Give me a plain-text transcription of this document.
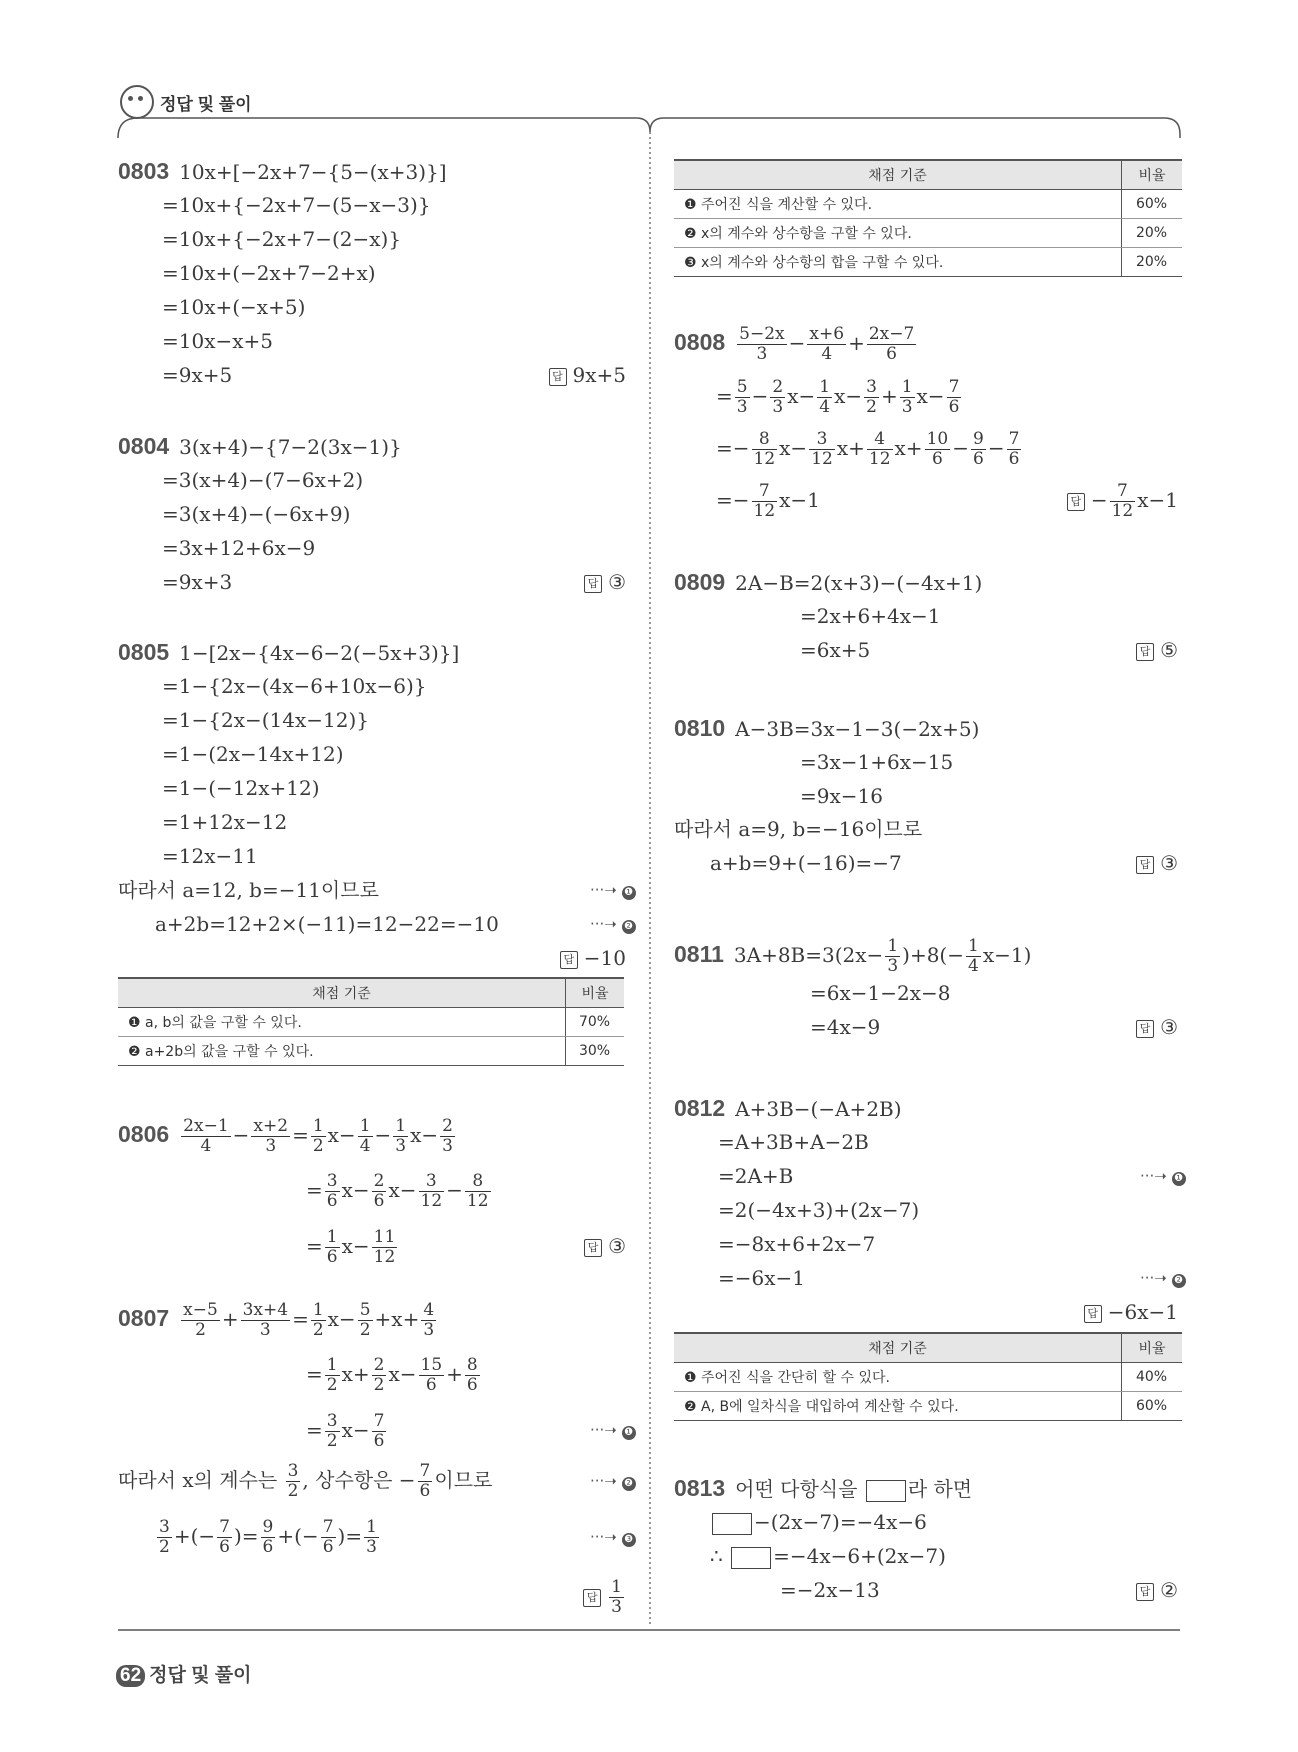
정답 및 풀이
0803 10x+[−2x+7−{5−(x+3)}]
=10x+{−2x+7−(5−x−3)}
=10x+{−2x+7−(2−x)}
=10x+(−2x+7−2+x)
=10x+(−x+5)
=10x−x+5
=9x+5	답 9x+5
0804 3(x+4)−{7−2(3x−1)}
=3(x+4)−(7−6x+2)
=3(x+4)−(−6x+9)
=3x+12+6x−9
=9x+3	답 ③
0805 1−[2x−{4x−6−2(−5x+3)}]
=1−{2x−(4x−6+10x−6)}
=1−{2x−(14x−12)}
=1−(2x−14x+12)
=1−(−12x+12)
=1+12x−12
=12x−11
따라서 a=12, b=−11이므로	···➝ ❶
a+2b=12+2×(−11)=12−22=−10	···➝ ❷
답 −10
채점 기준	비율
❶ a, b의 값을 구할 수 있다.	70%
❷ a+2b의 값을 구할 수 있다.	30%
$0806 \frac{2x-1}{4} - \frac{x+2}{3} = \frac{1}{2} x- \frac{1}{4} - \frac{1}{3} x- \frac{2}{3}$
= $\frac{3}{6} x- \frac{2}{6} x- \frac{3}{12} - \frac{8}{12}$
= $\frac{1}{6} x- \frac{11}{12}$	답 ③
$0807 \frac{x-5}{2} + \frac{3x+4}{3} = \frac{1}{2} x- \frac{5}{2} +x+ \frac{4}{3}$
= $\frac{1}{2} x+ \frac{2}{2} x- \frac{15}{6} + \frac{8}{6}$
= $\frac{3}{2} x- \frac{7}{6}$	···➝ ❶
따라서 x의 계수는 $\frac{3}{2}$ , 상수항은 − $\frac{7}{6}$ 이므로	···➝ ❷
$\frac{3}{2}$ +(− $\frac{7}{6}$ )= $\frac{9}{6}$ +(− $\frac{7}{6}$ )= $\frac{1}{3}$	···➝ ❸
답 $\frac{1}{3}$
채점 기준	비율
❶ 주어진 식을 계산할 수 있다.	60%
❷ x의 계수와 상수항을 구할 수 있다.	20%
❸ x의 계수와 상수항의 합을 구할 수 있다.	20%
$0808 \frac{5-2x}{3} - \frac{x+6}{4} + \frac{2x-7}{6}$
= $\frac{5}{3} - \frac{2}{3} x- \frac{1}{4} x- \frac{3}{2} + \frac{1}{3} x- \frac{7}{6}$
=− $\frac{8}{12} x- \frac{3}{12} x+ \frac{4}{12} x+ \frac{10}{6} - \frac{9}{6} - \frac{7}{6}$
=− $\frac{7}{12} x-1$	답 − $\frac{7}{12} x-1$
0809 2A−B=2(x+3)−(−4x+1)
=2x+6+4x−1
=6x+5	답 ⑤
0810 A−3B=3x−1−3(−2x+5)
=3x−1+6x−15
=9x−16
따라서 a=9, b=−16이므로
a+b=9+(−16)=−7	답 ③
0811 $3A+8B=3(2x- \frac{1}{3} )+8(- \frac{1}{4} x-1)$
=6x−1−2x−8
=4x−9	답 ③
0812 A+3B−(−A+2B)
=A+3B+A−2B
=2A+B	···➝ ❶
=2(−4x+3)+(2x−7)
=−8x+6+2x−7
=−6x−1	···➝ ❷
답 −6x−1
채점 기준	비율
❶ 주어진 식을 간단히 할 수 있다.	40%
❷ A, B에 일차식을 대입하여 계산할 수 있다.	60%
0813 어떤 다항식을	라 하면
−(2x−7)=−4x−6
∴	=−4x−6+(2x−7)
=−2x−13	답 ②
62 정답 및 풀이
